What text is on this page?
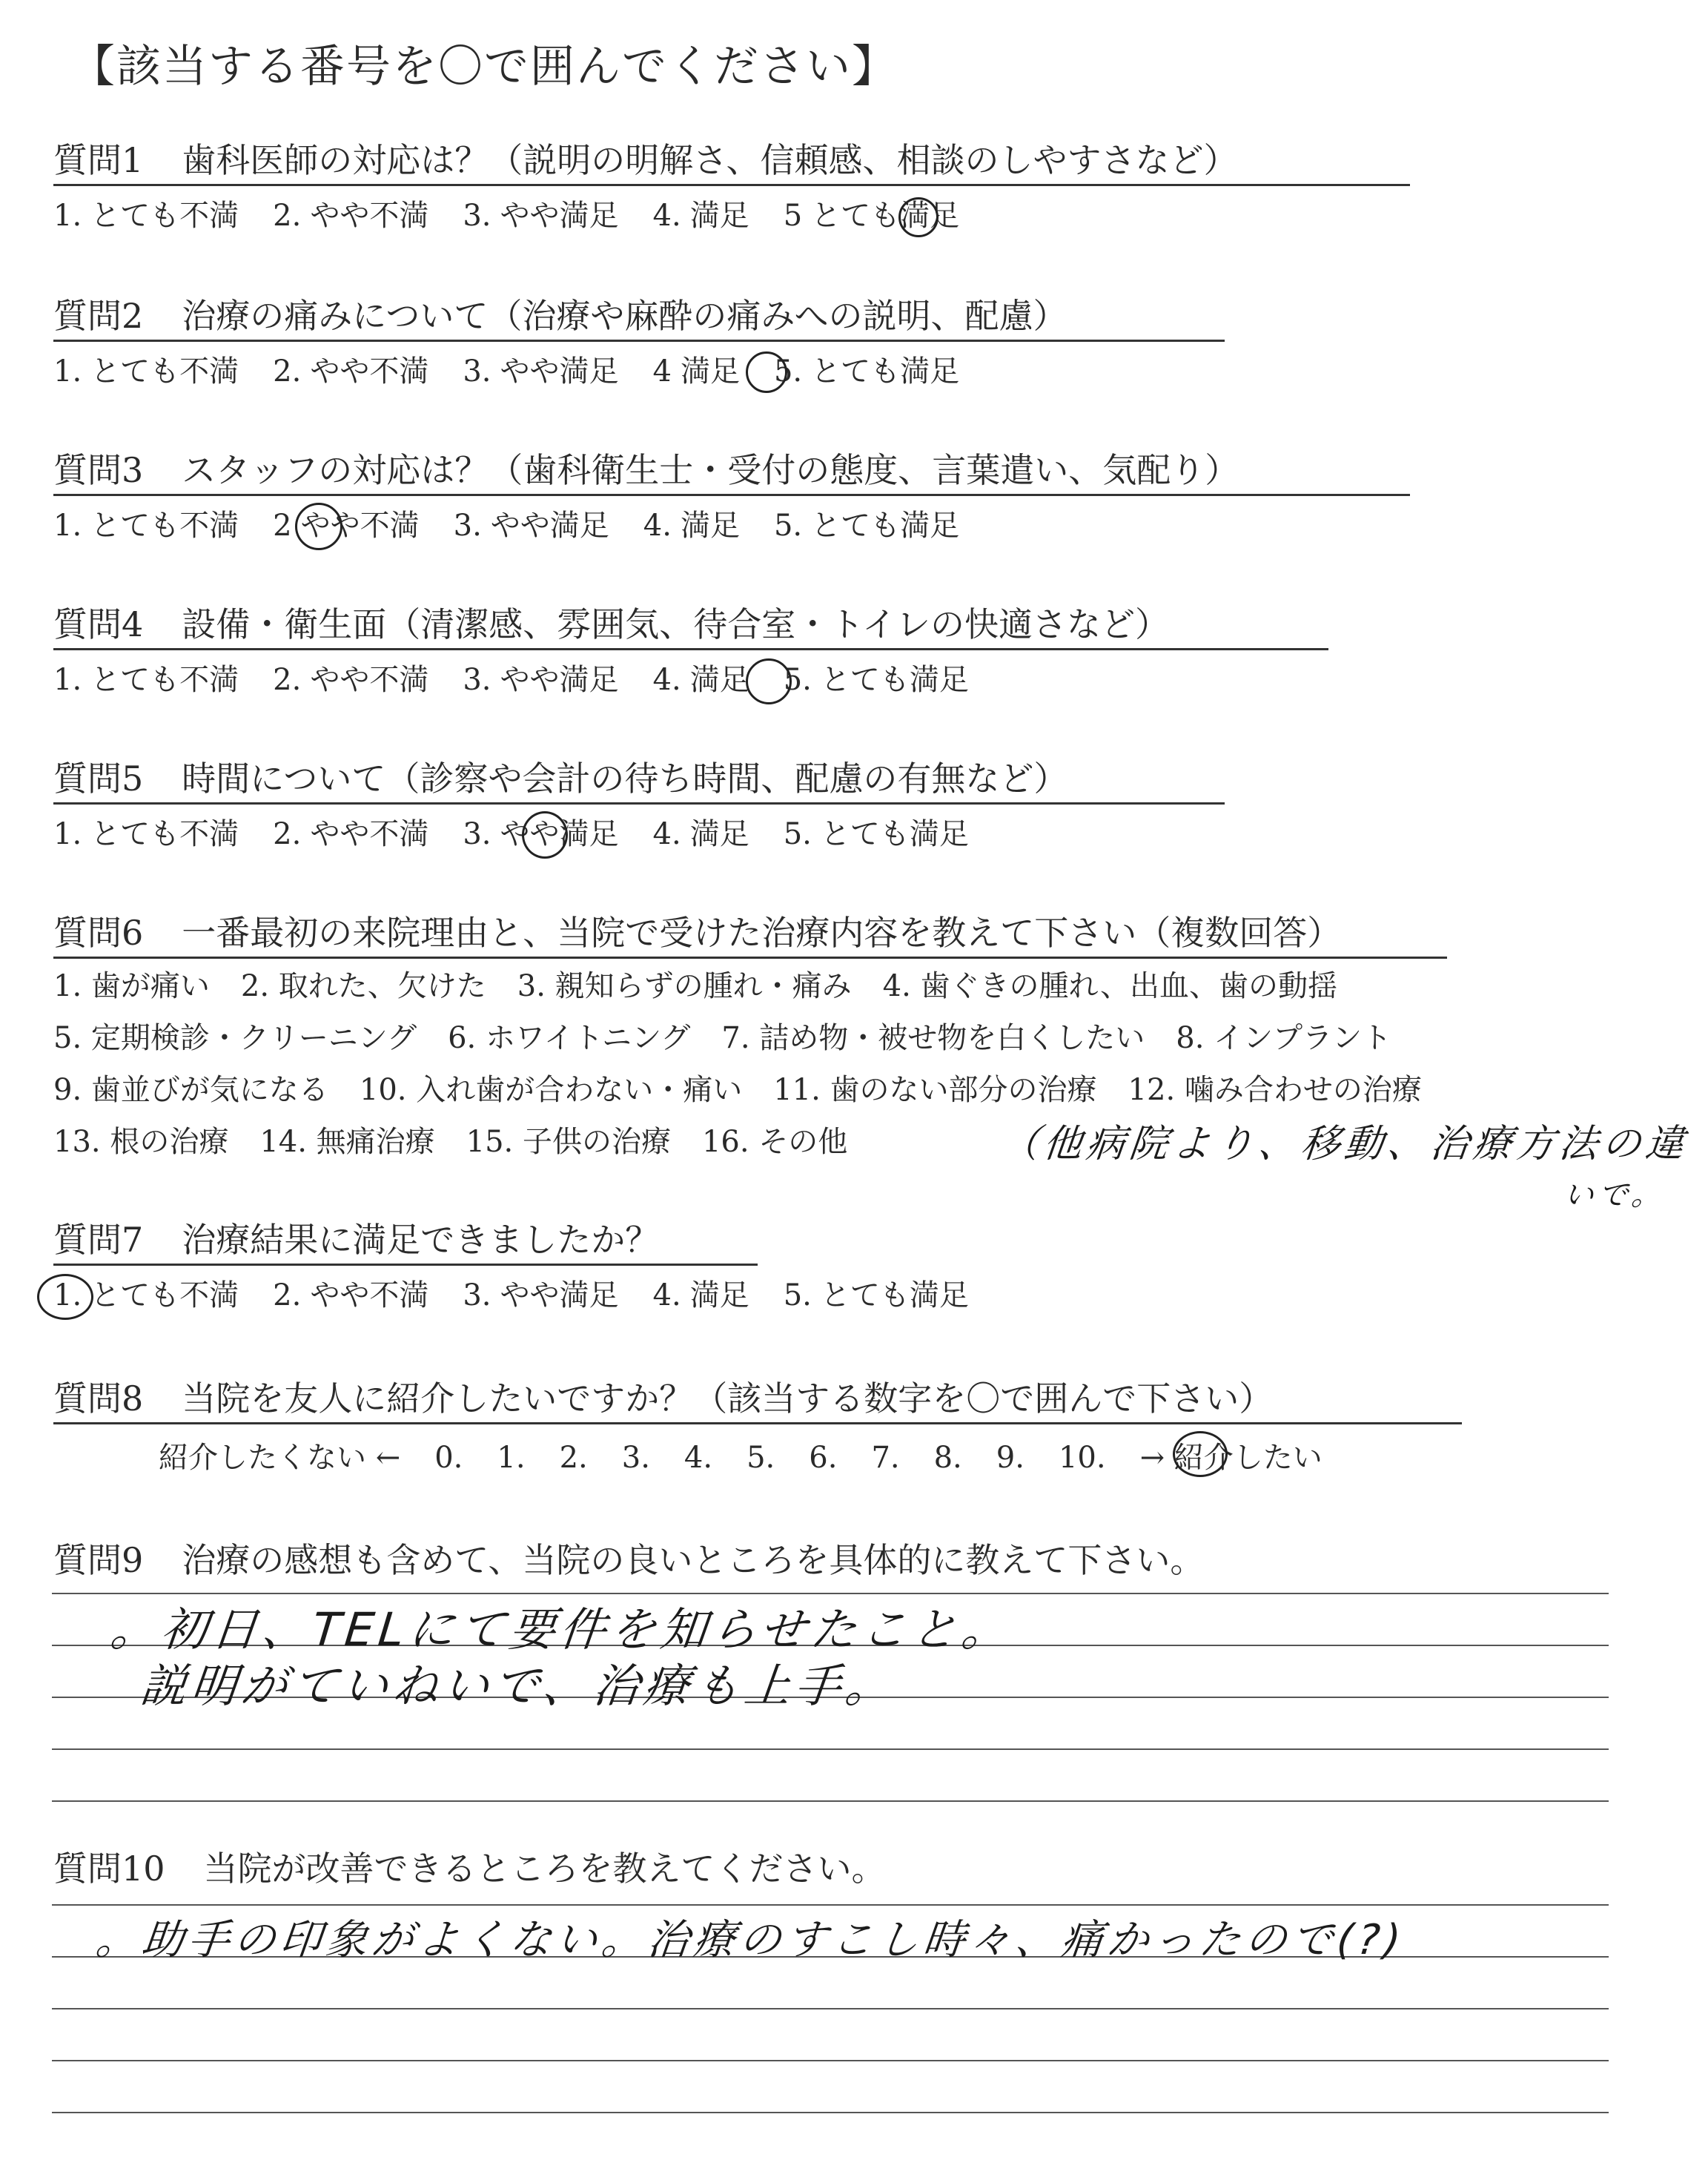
【該当する番号を〇で囲んでください】
質問1 歯科医師の対応は？（説明の明解さ、信頼感、相談のしやすさなど）
1. とても不満 2. やや不満 3. やや満足 4. 満足 5 とても満足
質問2 治療の痛みについて（治療や麻酔の痛みへの説明、配慮）
1. とても不満 2. やや不満 3. やや満足 4 満足 5. とても満足
質問3 スタッフの対応は？（歯科衛生士・受付の態度、言葉遣い、気配り）
1. とても不満 2 やや不満 3. やや満足 4. 満足 5. とても満足
質問4 設備・衛生面（清潔感、雰囲気、待合室・トイレの快適さなど）
1. とても不満 2. やや不満 3. やや満足 4. 満足 5. とても満足
質問5 時間について（診察や会計の待ち時間、配慮の有無など）
1. とても不満 2. やや不満 3. やや満足 4. 満足 5. とても満足
質問6 一番最初の来院理由と、当院で受けた治療内容を教えて下さい（複数回答）
1. 歯が痛い 2. 取れた、欠けた 3. 親知らずの腫れ・痛み 4. 歯ぐきの腫れ、出血、歯の動揺
5. 定期検診・クリーニング 6. ホワイトニング 7. 詰め物・被せ物を白くしたい 8. インプラント
9. 歯並びが気になる 10. 入れ歯が合わない・痛い 11. 歯のない部分の治療 12. 噛み合わせの治療
13. 根の治療 14. 無痛治療 15. 子供の治療 16. その他	（他病院より、移動、治療方法の違
いで。
質問7 治療結果に満足できましたか？
1. とても不満 2. やや不満 3. やや満足 4. 満足 5. とても満足
質問8 当院を友人に紹介したいですか？（該当する数字を〇で囲んで下さい）
紹介したくない ← 0. 1. 2. 3. 4. 5. 6. 7. 8. 9. 10. → 紹介したい
質問9 治療の感想も含めて、当院の良いところを具体的に教えて下さい。
。初日、TELにて要件を知らせたこと。
説明がていねいで、治療も上手。
質問10 当院が改善できるところを教えてください。
。助手の印象がよくない。治療のすこし時々、痛かったので(?)
